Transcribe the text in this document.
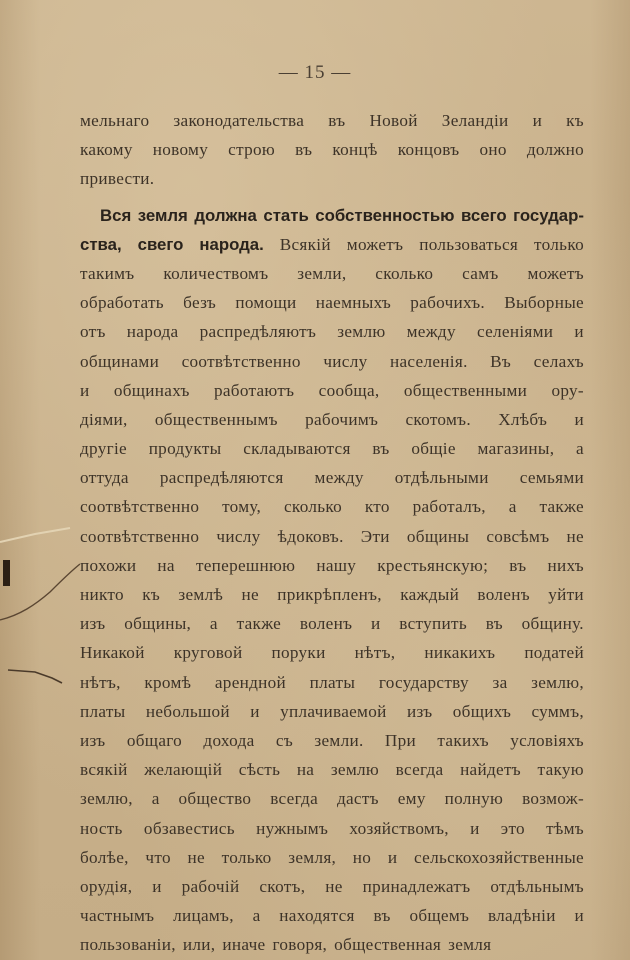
— 15 —
мельнаго законодательства въ Новой Зеландіи и къ
какому новому строю въ концѣ концовъ оно должно
привести.
Вся земля должна стать собственностью всего государ-
ства, свего народа. Всякій можетъ пользоваться только
такимъ количествомъ земли, сколько самъ можетъ
обработать безъ помощи наемныхъ рабочихъ. Выборные
отъ народа распредѣляютъ землю между селеніями и
общинами соотвѣтственно числу населенія. Въ селахъ
и общинахъ работаютъ сообща, общественными ору-
діями, общественнымъ рабочимъ скотомъ. Хлѣбъ и
другіе продукты складываются въ общіе магазины, а
оттуда распредѣляются между отдѣльными семьями
соотвѣтственно тому, сколько кто работалъ, а также
соотвѣтственно числу ѣдоковъ. Эти общины совсѣмъ не
похожи на теперешнюю нашу крестьянскую; въ нихъ
никто къ землѣ не прикрѣпленъ, каждый воленъ уйти
изъ общины, а также воленъ и вступить въ общину.
Никакой круговой поруки нѣтъ, никакихъ податей
нѣтъ, кромѣ арендной платы государству за землю,
платы небольшой и уплачиваемой изъ общихъ суммъ,
изъ общаго дохода съ земли. При такихъ условіяхъ
всякій желающій сѣсть на землю всегда найдетъ такую
землю, а общество всегда дастъ ему полную возмож-
ность обзавестись нужнымъ хозяйствомъ, и это тѣмъ
болѣе, что не только земля, но и сельскохозяйственные
орудія, и рабочій скотъ, не принадлежатъ отдѣльнымъ
частнымъ лицамъ, а находятся въ общемъ владѣніи и
пользованіи, или, иначе говоря, общественная земля
